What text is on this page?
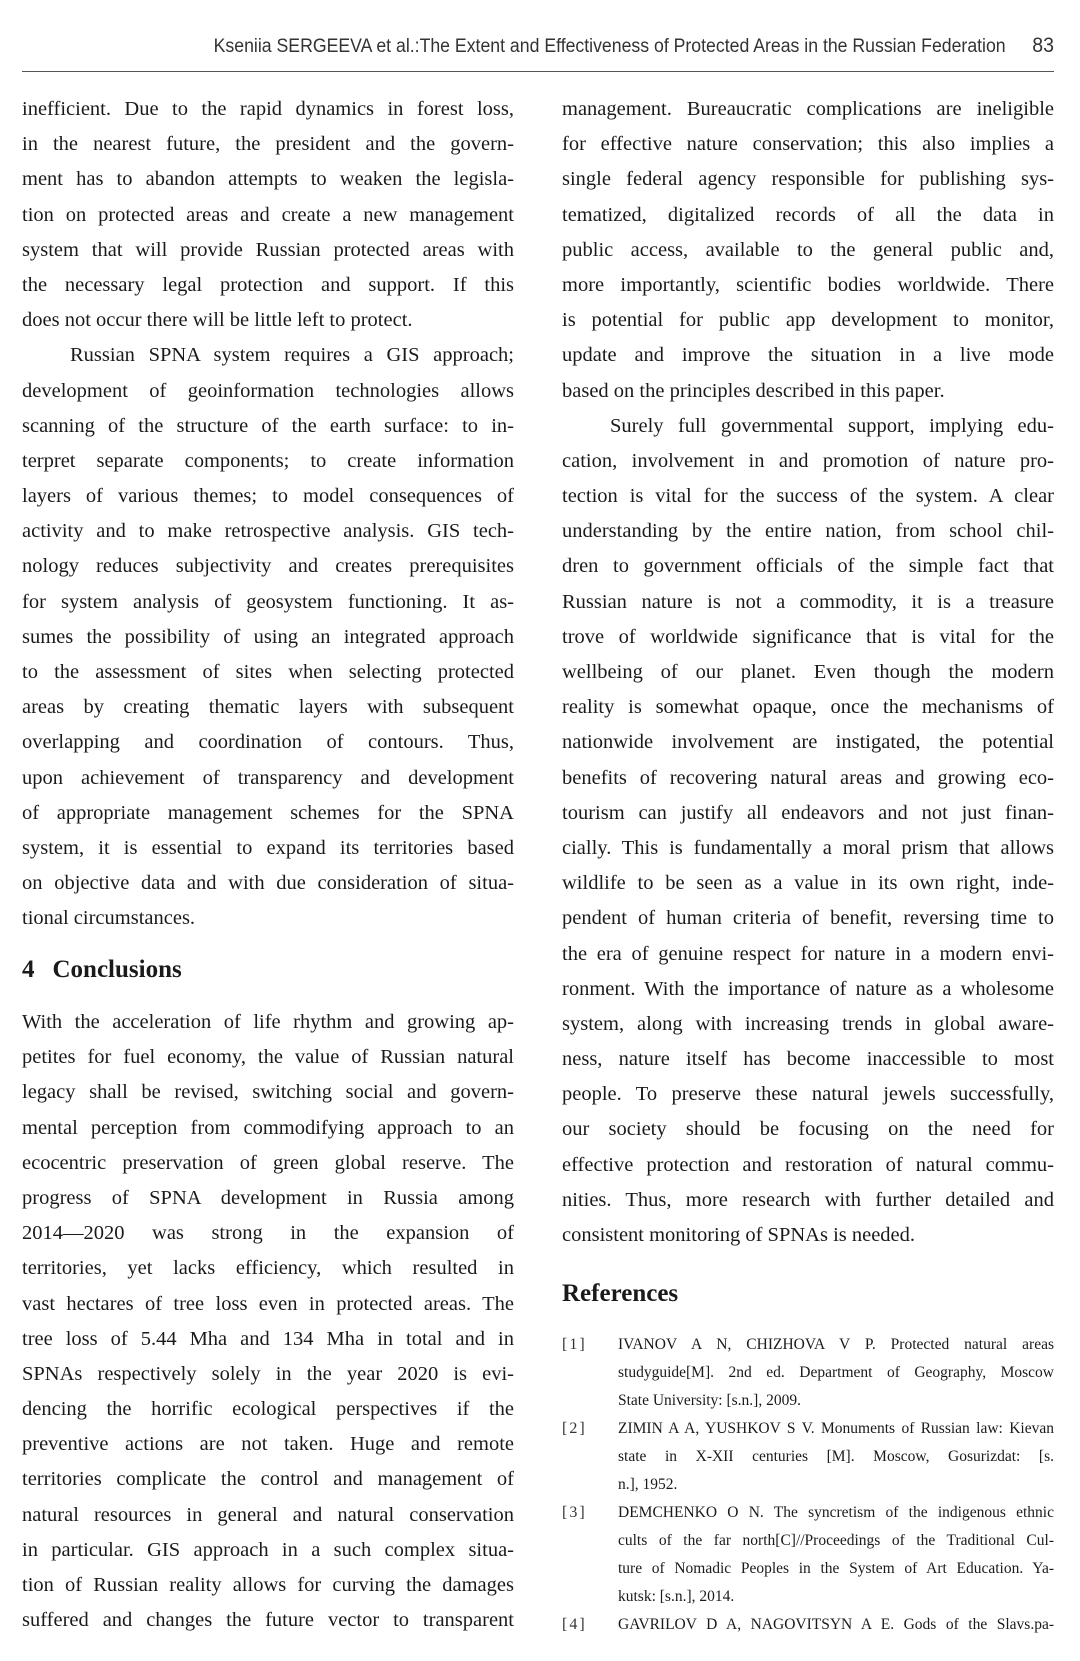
Kseniia SERGEEVA et al.:The Extent and Effectiveness of Protected Areas in the Russian Federation 83
inefficient. Due to the rapid dynamics in forest loss,
in the nearest future, the president and the govern-
ment has to abandon attempts to weaken the legisla-
tion on protected areas and create a new management
system that will provide Russian protected areas with
the necessary legal protection and support. If this
does not occur there will be little left to protect.
Russian SPNA system requires a GIS approach;
development of geoinformation technologies allows
scanning of the structure of the earth surface: to in-
terpret separate components; to create information
layers of various themes; to model consequences of
activity and to make retrospective analysis. GIS tech-
nology reduces subjectivity and creates prerequisites
for system analysis of geosystem functioning. It as-
sumes the possibility of using an integrated approach
to the assessment of sites when selecting protected
areas by creating thematic layers with subsequent
overlapping and coordination of contours. Thus,
upon achievement of transparency and development
of appropriate management schemes for the SPNA
system, it is essential to expand its territories based
on objective data and with due consideration of situa-
tional circumstances.
4 Conclusions
With the acceleration of life rhythm and growing ap-
petites for fuel economy, the value of Russian natural
legacy shall be revised, switching social and govern-
mental perception from commodifying approach to an
ecocentric preservation of green global reserve. The
progress of SPNA development in Russia among
2014—2020 was strong in the expansion of
territories, yet lacks efficiency, which resulted in
vast hectares of tree loss even in protected areas. The
tree loss of 5.44 Mha and 134 Mha in total and in
SPNAs respectively solely in the year 2020 is evi-
dencing the horrific ecological perspectives if the
preventive actions are not taken. Huge and remote
territories complicate the control and management of
natural resources in general and natural conservation
in particular. GIS approach in a such complex situa-
tion of Russian reality allows for curving the damages
suffered and changes the future vector to transparent
management. Bureaucratic complications are ineligible
for effective nature conservation; this also implies a
single federal agency responsible for publishing sys-
tematized, digitalized records of all the data in
public access, available to the general public and,
more importantly, scientific bodies worldwide. There
is potential for public app development to monitor,
update and improve the situation in a live mode
based on the principles described in this paper.
Surely full governmental support, implying edu-
cation, involvement in and promotion of nature pro-
tection is vital for the success of the system. A clear
understanding by the entire nation, from school chil-
dren to government officials of the simple fact that
Russian nature is not a commodity, it is a treasure
trove of worldwide significance that is vital for the
wellbeing of our planet. Even though the modern
reality is somewhat opaque, once the mechanisms of
nationwide involvement are instigated, the potential
benefits of recovering natural areas and growing eco-
tourism can justify all endeavors and not just finan-
cially. This is fundamentally a moral prism that allows
wildlife to be seen as a value in its own right, inde-
pendent of human criteria of benefit, reversing time to
the era of genuine respect for nature in a modern envi-
ronment. With the importance of nature as a wholesome
system, along with increasing trends in global aware-
ness, nature itself has become inaccessible to most
people. To preserve these natural jewels successfully,
our society should be focusing on the need for
effective protection and restoration of natural commu-
nities. Thus, more research with further detailed and
consistent monitoring of SPNAs is needed.
References
[1] IVANOV A N, CHIZHOVA V P. Protected natural areas
studyguide[M]. 2nd ed. Department of Geography, Moscow
State University: [s.n.], 2009.
[2] ZIMIN A A, YUSHKOV S V. Monuments of Russian law: Kievan
state in X-XII centuries [M]. Moscow, Gosurizdat: [s.
n.], 1952.
[3] DEMCHENKO O N. The syncretism of the indigenous ethnic
cults of the far north[C]//Proceedings of the Traditional Cul-
ture of Nomadic Peoples in the System of Art Education. Ya-
kutsk: [s.n.], 2014.
[4] GAVRILOV D A, NAGOVITSYN A E. Gods of the Slavs.pa-
